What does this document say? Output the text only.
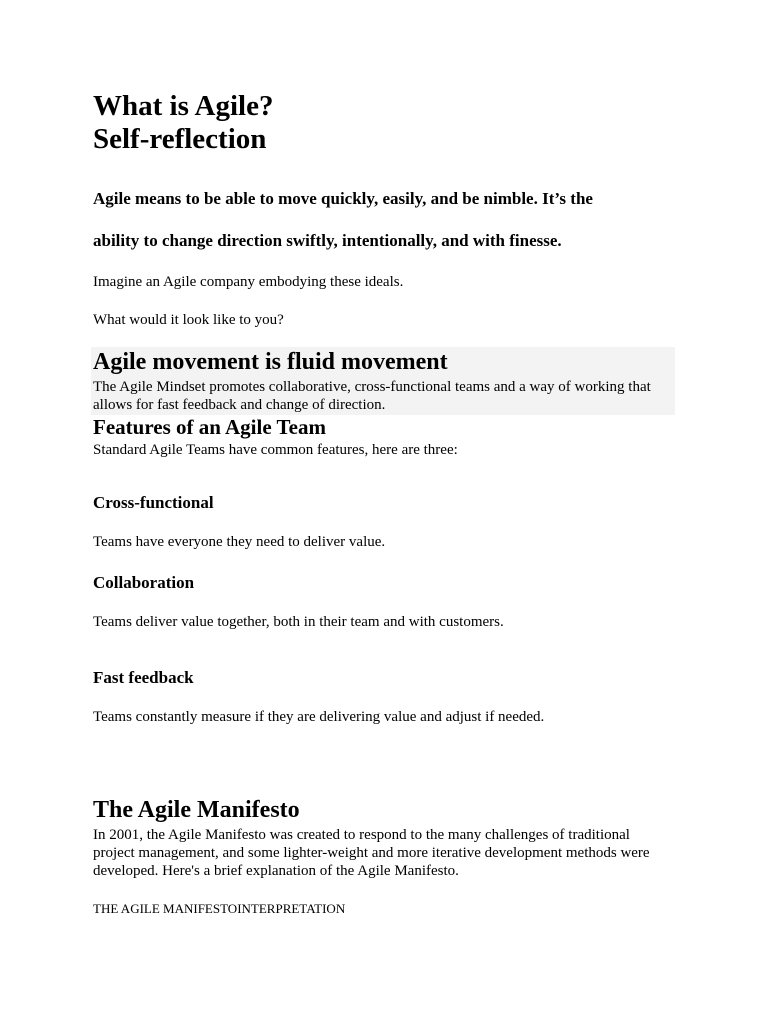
What is Agile?
Self-reflection

Agile means to be able to move quickly, easily, and be nimble. It’s the

ability to change direction swiftly, intentionally, and with finesse.

Imagine an Agile company embodying these ideals.

What would it look like to you?

Agile movement is fluid movement

The Agile Mindset promotes collaborative, cross-functional teams and a way of working that allows for fast feedback and change of direction.

Features of an Agile Team

Standard Agile Teams have common features, here are three:

Cross-functional

Teams have everyone they need to deliver value.

Collaboration

Teams deliver value together, both in their team and with customers.

Fast feedback

Teams constantly measure if they are delivering value and adjust if needed.

The Agile Manifesto

In 2001, the Agile Manifesto was created to respond to the many challenges of traditional project management, and some lighter-weight and more iterative development methods were developed. Here's a brief explanation of the Agile Manifesto.

THE AGILE MANIFESTOINTERPRETATION
